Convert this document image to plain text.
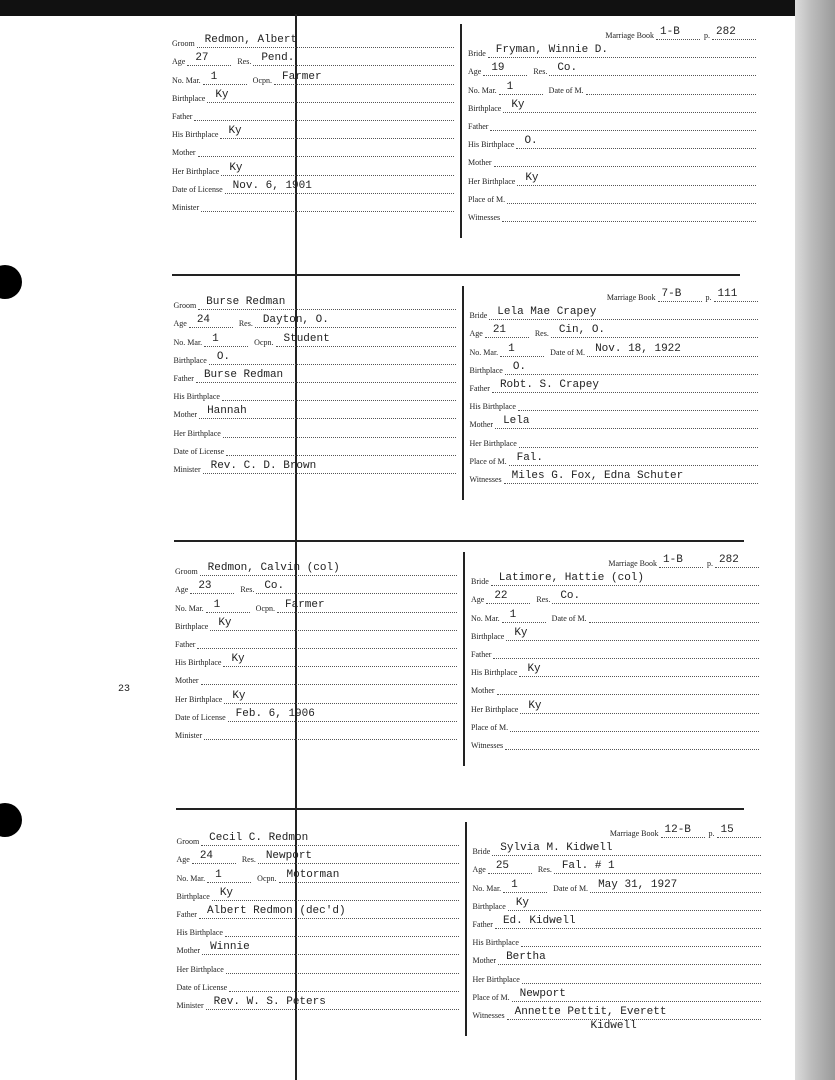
23
Groom Redmon, Albert
Age 27	Res. Pend.
No. Mar. 1	Ocpn. Farmer
Birthplace Ky
Father
His Birthplace Ky
Mother
Her Birthplace Ky
Date of License Nov. 6, 1901
Minister
Marriage Book 1-B	p. 282
Bride Fryman, Winnie D.
Age 19	Res. Co.
No. Mar. 1	Date of M.
Birthplace Ky
Father
His Birthplace O.
Mother
Her Birthplace Ky
Place of M.
Witnesses
Groom Burse Redman
Age 24	Res. Dayton, O.
No. Mar. 1	Ocpn. Student
Birthplace O.
Father Burse Redman
His Birthplace
Mother Hannah
Her Birthplace
Date of License
Minister Rev. C. D. Brown
Marriage Book 7-B	p. 111
Bride Lela Mae Crapey
Age 21	Res. Cin, O.
No. Mar. 1	Date of M. Nov. 18, 1922
Birthplace O.
Father Robt. S. Crapey
His Birthplace
Mother Lela
Her Birthplace
Place of M. Fal.
Witnesses Miles G. Fox, Edna Schuter
Groom Redmon, Calvin (col)
Age 23	Res. Co.
No. Mar. 1	Ocpn. Farmer
Birthplace Ky
Father
His Birthplace Ky
Mother
Her Birthplace Ky
Date of License Feb. 6, 1906
Minister
Marriage Book 1-B	p. 282
Bride Latimore, Hattie (col)
Age 22	Res. Co.
No. Mar. 1	Date of M.
Birthplace Ky
Father
His Birthplace Ky
Mother
Her Birthplace Ky
Place of M.
Witnesses
Groom Cecil C. Redmon
Age 24	Res. Newport
No. Mar. 1	Ocpn. Motorman
Birthplace Ky
Father Albert Redmon (dec'd)
His Birthplace
Mother Winnie
Her Birthplace
Date of License
Minister Rev. W. S. Peters
Marriage Book 12-B	p. 15
Bride Sylvia M. Kidwell
Age 25	Res. Fal. # 1
No. Mar. 1	Date of M. May 31, 1927
Birthplace Ky
Father Ed. Kidwell
His Birthplace
Mother Bertha
Her Birthplace
Place of M. Newport
Witnesses Annette Pettit, Everett
Kidwell
